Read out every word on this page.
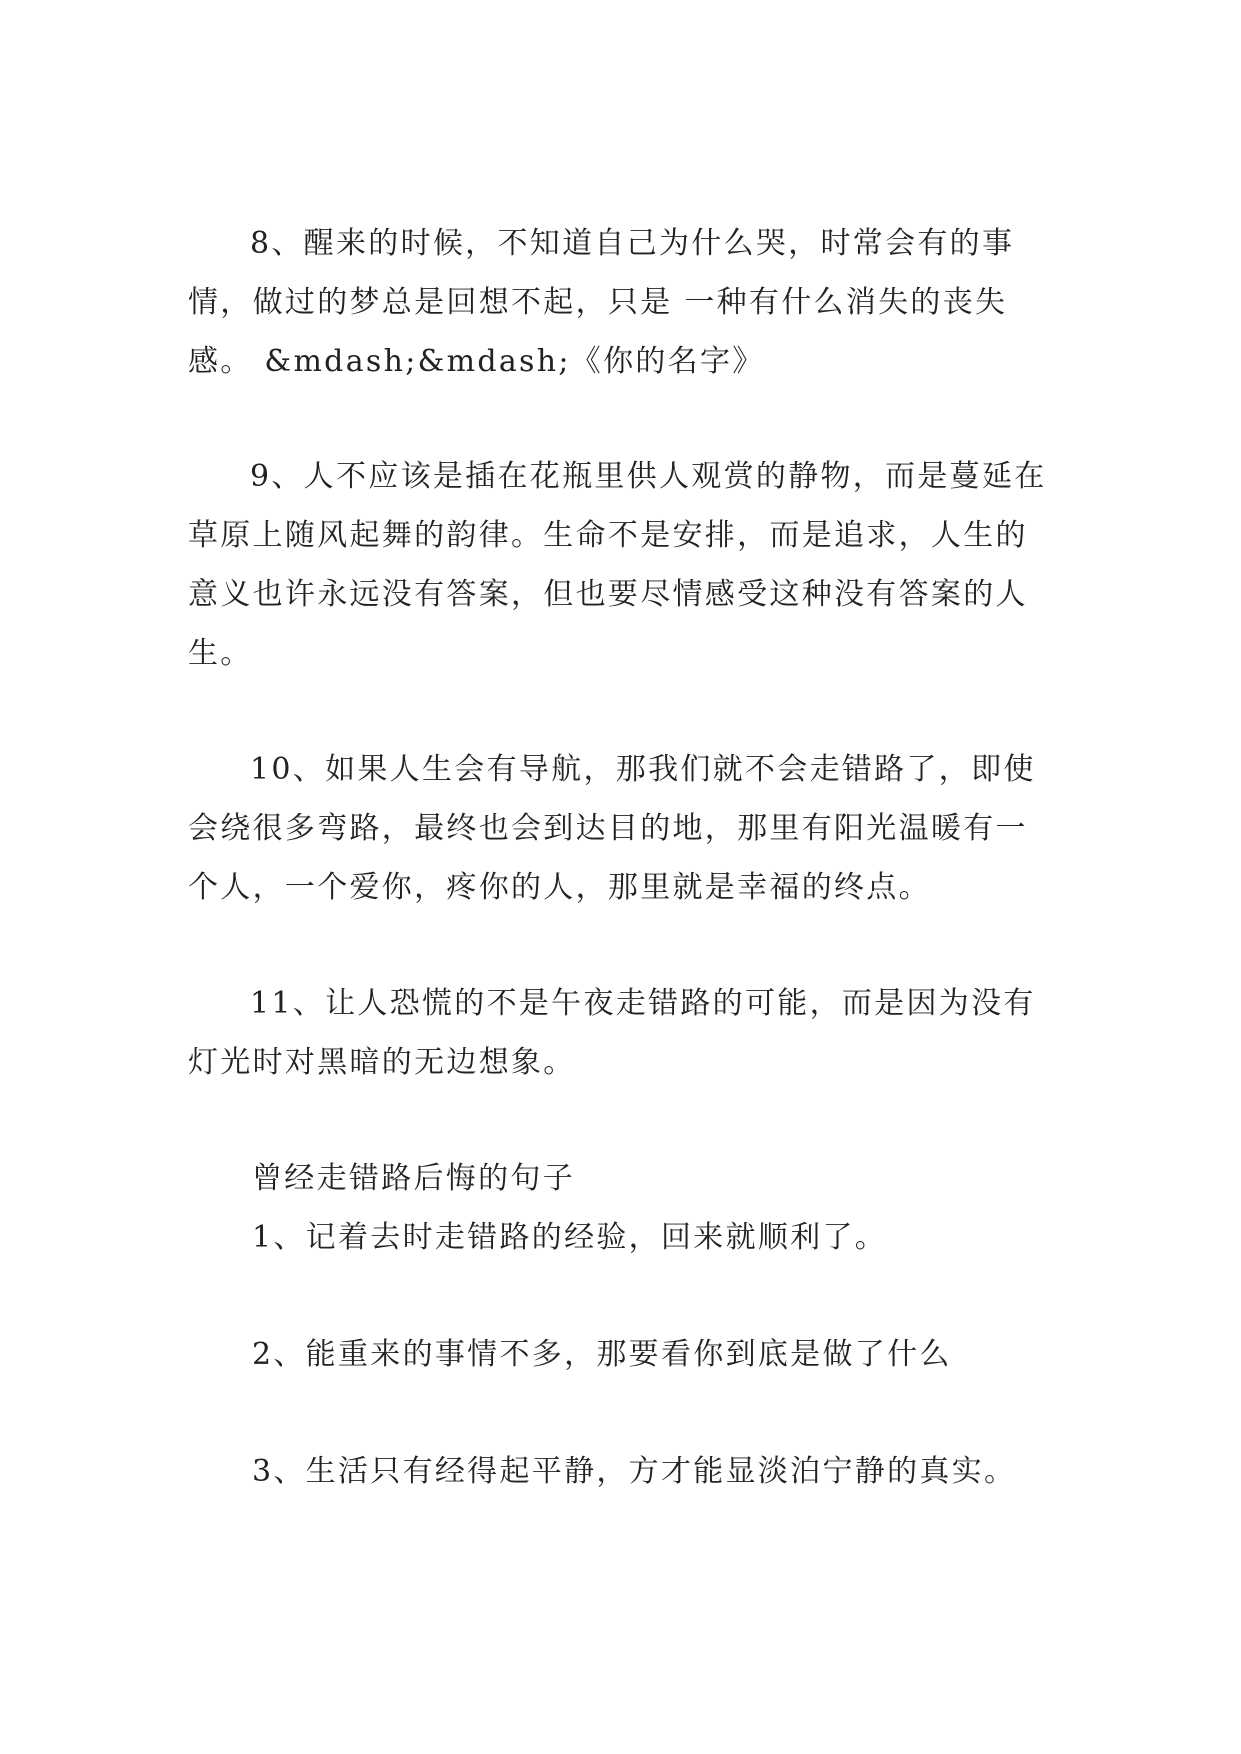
8、醒来的时候，不知道自己为什么哭，时常会有的事情，做过的梦总是回想不起，只是 一种有什么消失的丧失感。 &mdash;&mdash;《你的名字》

9、人不应该是插在花瓶里供人观赏的静物，而是蔓延在草原上随风起舞的韵律。生命不是安排，而是追求，人生的意义也许永远没有答案，但也要尽情感受这种没有答案的人生。

10、如果人生会有导航，那我们就不会走错路了，即使会绕很多弯路，最终也会到达目的地，那里有阳光温暖有一个人，一个爱你，疼你的人，那里就是幸福的终点。

11、让人恐慌的不是午夜走错路的可能，而是因为没有灯光时对黑暗的无边想象。

曾经走错路后悔的句子

1、记着去时走错路的经验，回来就顺利了。

2、能重来的事情不多，那要看你到底是做了什么

3、生活只有经得起平静，方才能显淡泊宁静的真实。
